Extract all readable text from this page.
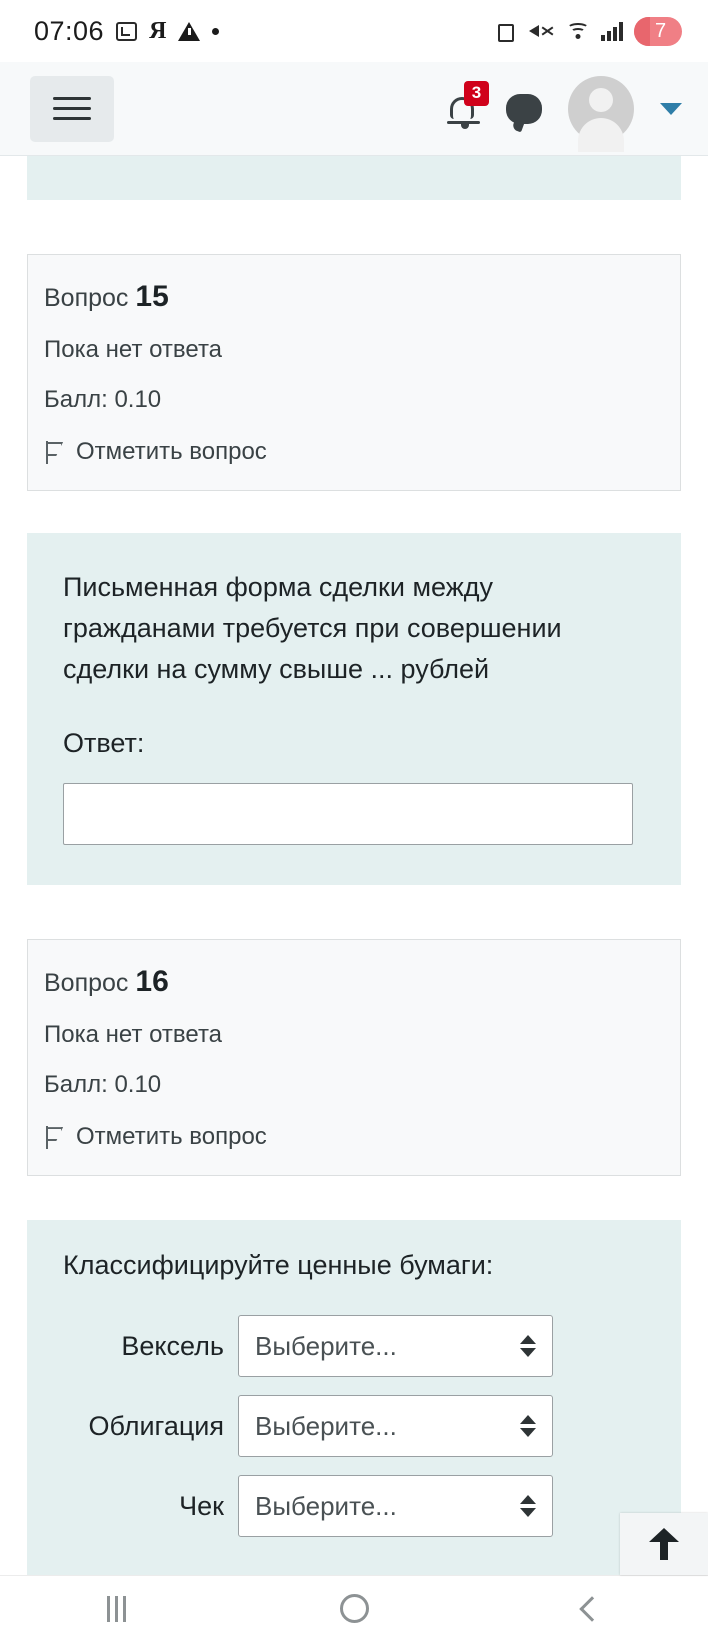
07:06 Я	7
3
Вопрос 15
Пока нет ответа
Балл: 0.10
Отметить вопрос
Письменная форма сделки между гражданами требуется при совершении сделки на сумму свыше ... рублей
Ответ:
Вопрос 16
Пока нет ответа
Балл: 0.10
Отметить вопрос
Классифицируйте ценные бумаги:
Вексель	Выберите...
Облигация	Выберите...
Чек	Выберите...
